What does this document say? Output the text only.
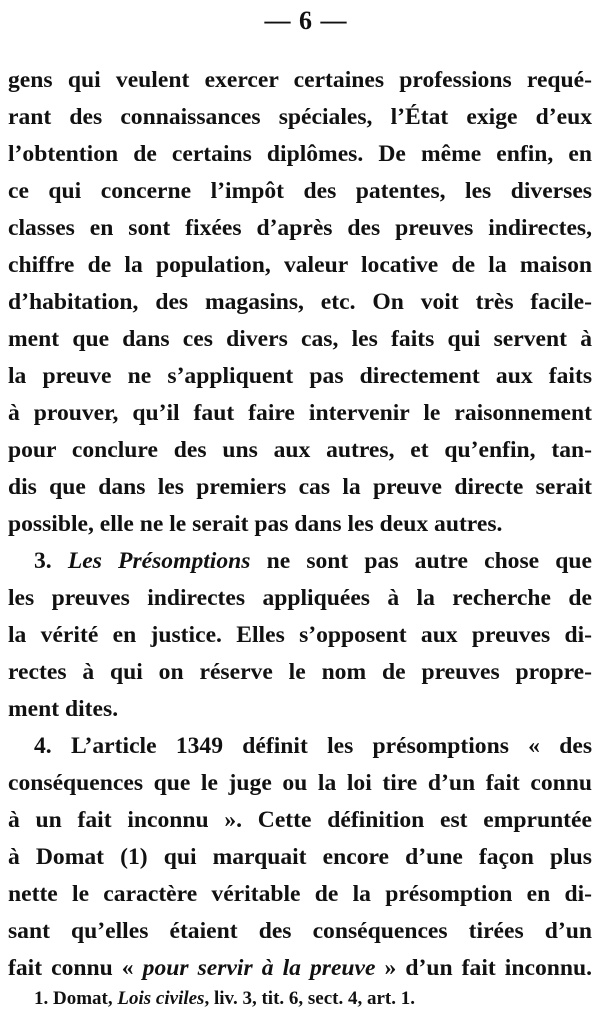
— 6 —
gens qui veulent exercer certaines professions requé-
rant des connaissances spéciales, l’État exige d’eux
l’obtention de certains diplômes. De même enfin, en
ce qui concerne l’impôt des patentes, les diverses
classes en sont fixées d’après des preuves indirectes,
chiffre de la population, valeur locative de la maison
d’habitation, des magasins, etc. On voit très facile-
ment que dans ces divers cas, les faits qui servent à
la preuve ne s’appliquent pas directement aux faits
à prouver, qu’il faut faire intervenir le raisonnement
pour conclure des uns aux autres, et qu’enfin, tan-
dis que dans les premiers cas la preuve directe serait
possible, elle ne le serait pas dans les deux autres.
3. Les Présomptions ne sont pas autre chose que
les preuves indirectes appliquées à la recherche de
la vérité en justice. Elles s’opposent aux preuves di-
rectes à qui on réserve le nom de preuves propre-
ment dites.
4. L’article 1349 définit les présomptions « des
conséquences que le juge ou la loi tire d’un fait connu
à un fait inconnu ». Cette définition est empruntée
à Domat (1) qui marquait encore d’une façon plus
nette le caractère véritable de la présomption en di-
sant qu’elles étaient des conséquences tirées d’un
fait connu « pour servir à la preuve » d’un fait inconnu.
1. Domat, Lois civiles, liv. 3, tit. 6, sect. 4, art. 1.
